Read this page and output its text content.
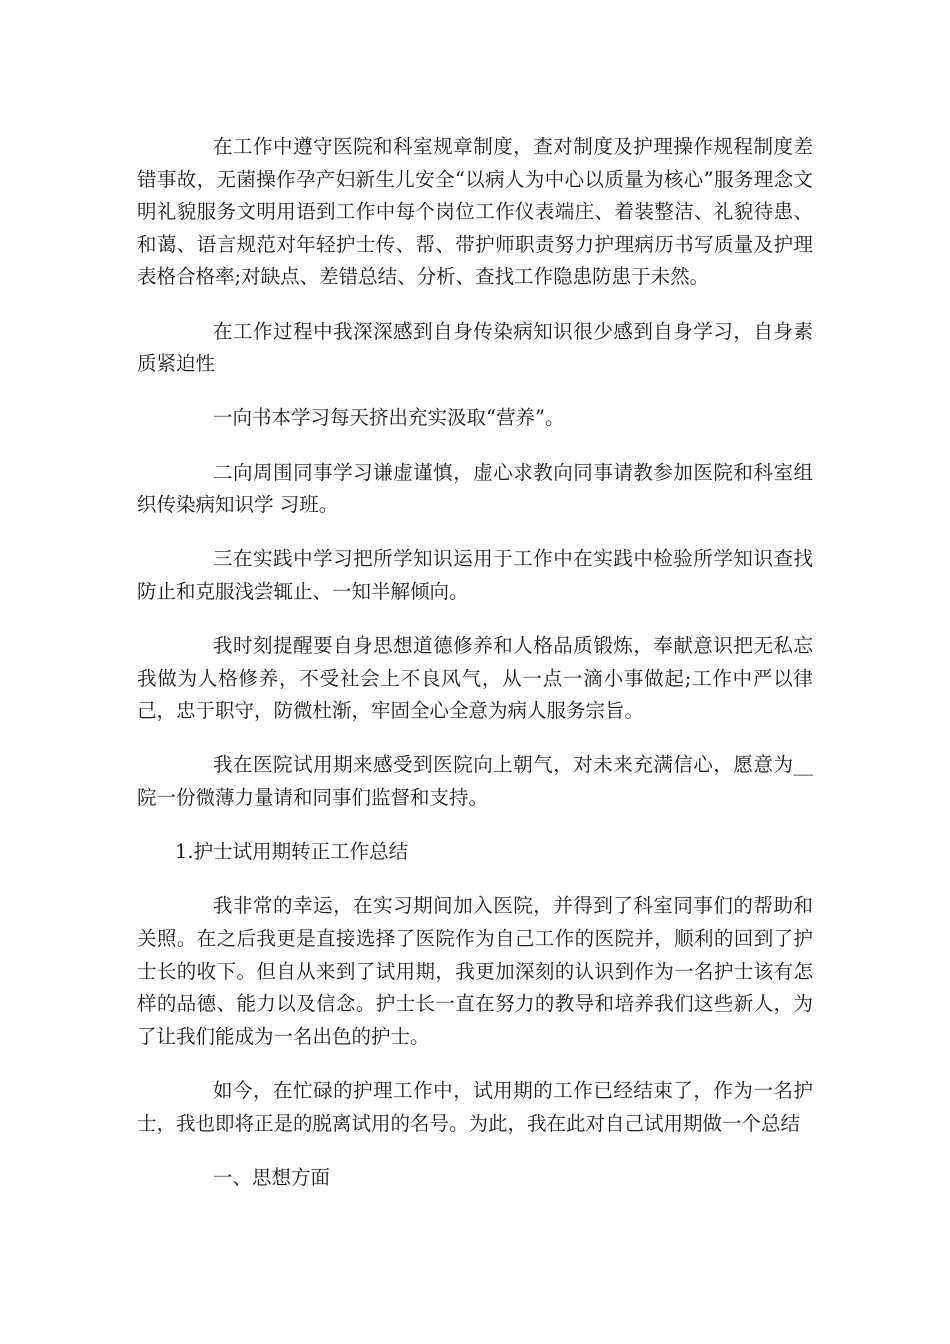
在工作中遵守医院和科室规章制度，查对制度及护理操作规程制度差错事故，无菌操作孕产妇新生儿安全“以病人为中心以质量为核心”服务理念文明礼貌服务文明用语到工作中每个岗位工作仪表端庄、着装整洁、礼貌待患、和蔼、语言规范对年轻护士传、帮、带护师职责努力护理病历书写质量及护理表格合格率;对缺点、差错总结、分析、查找工作隐患防患于未然。

在工作过程中我深深感到自身传染病知识很少感到自身学习，自身素质紧迫性

一向书本学习每天挤出充实汲取“营养”。

二向周围同事学习谦虚谨慎，虚心求教向同事请教参加医院和科室组织传染病知识学 习班。

三在实践中学习把所学知识运用于工作中在实践中检验所学知识查找防止和克服浅尝辄止、一知半解倾向。

我时刻提醒要自身思想道德修养和人格品质锻炼，奉献意识把无私忘我做为人格修养，不受社会上不良风气，从一点一滴小事做起;工作中严以律己，忠于职守，防微杜渐，牢固全心全意为病人服务宗旨。

我在医院试用期来感受到医院向上朝气，对未来充满信心，愿意为__院一份微薄力量请和同事们监督和支持。

1.护士试用期转正工作总结

我非常的幸运，在实习期间加入医院，并得到了科室同事们的帮助和关照。在之后我更是直接选择了医院作为自己工作的医院并，顺利的回到了护士长的收下。但自从来到了试用期，我更加深刻的认识到作为一名护士该有怎样的品德、能力以及信念。护士长一直在努力的教导和培养我们这些新人，为了让我们能成为一名出色的护士。

如今，在忙碌的护理工作中，试用期的工作已经结束了，作为一名护士，我也即将正是的脱离试用的名号。为此，我在此对自己试用期做一个总结

一、思想方面
